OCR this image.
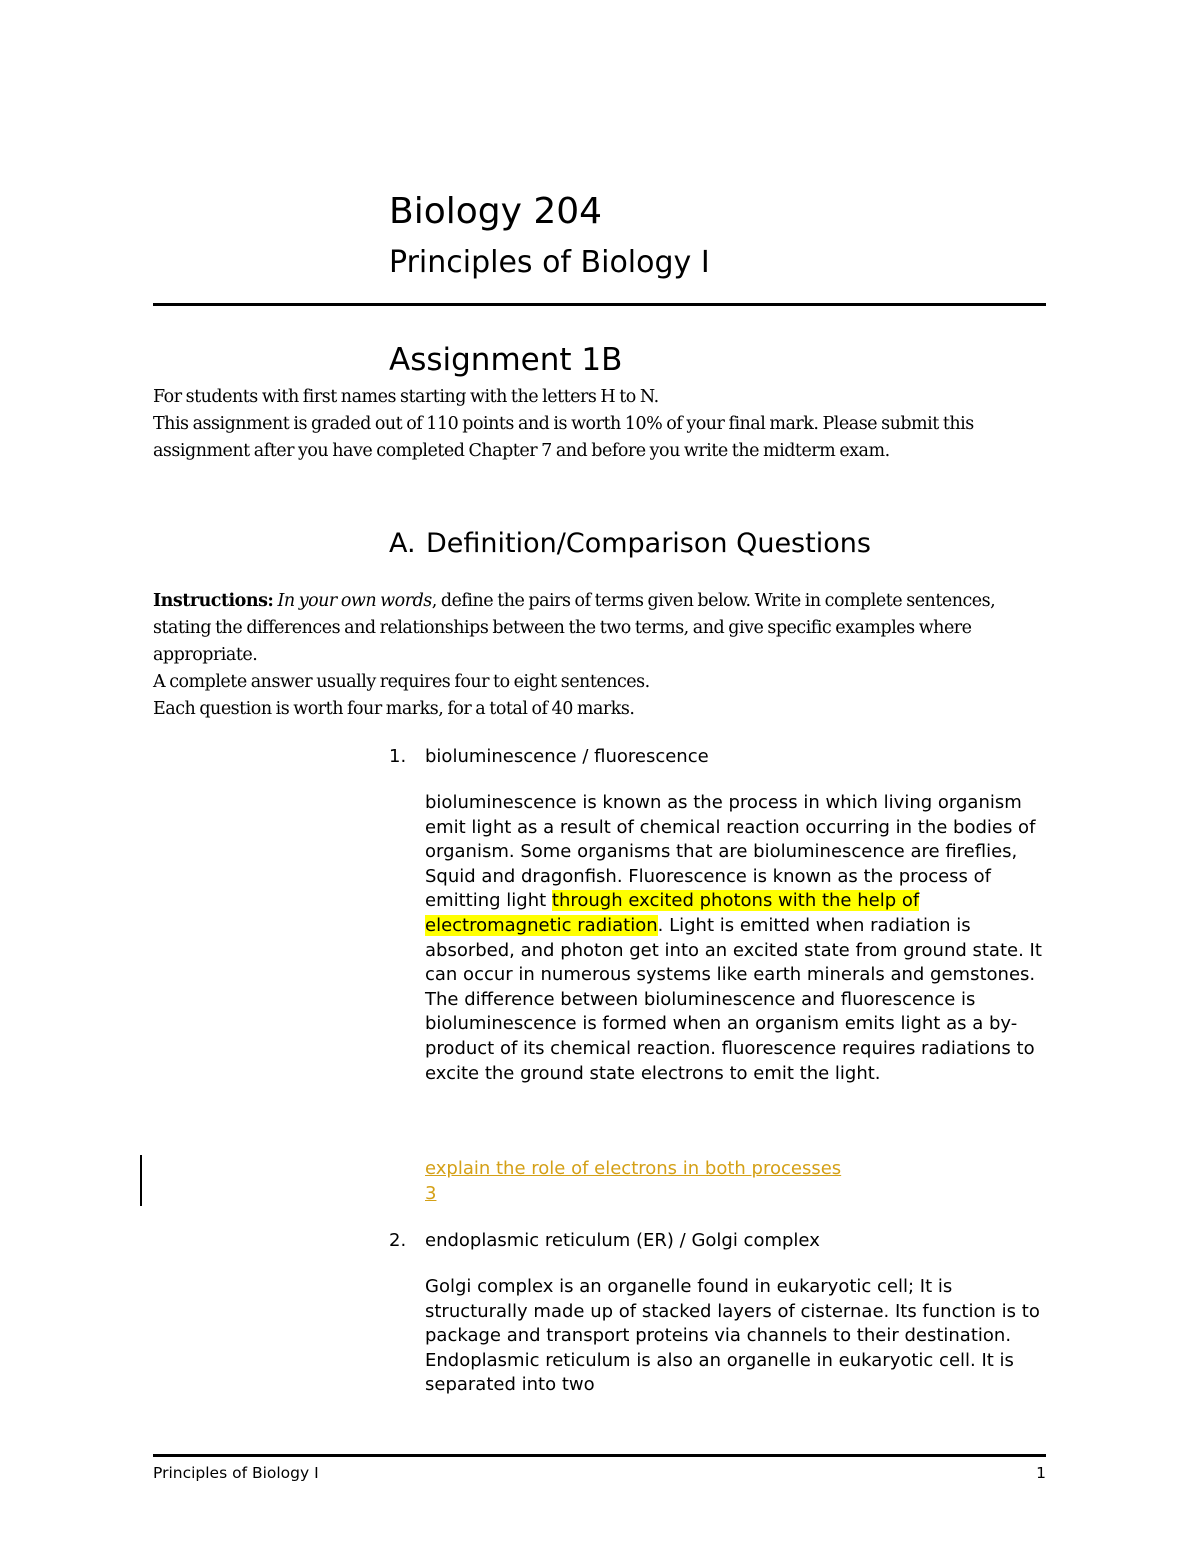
Biology 204
Principles of Biology I
Assignment 1B

For students with first names starting with the letters H to N.

This assignment is graded out of 110 points and is worth 10% of your final mark. Please submit this assignment after you have completed Chapter 7 and before you write the midterm exam.

A. Definition/Comparison Questions

Instructions: In your own words, define the pairs of terms given below. Write in complete sentences, stating the differences and relationships between the two terms, and give specific examples where appropriate.

A complete answer usually requires four to eight sentences.

Each question is worth four marks, for a total of 40 marks.

1. bioluminescence / fluorescence

bioluminescence is known as the process in which living organism emit light as a result of chemical reaction occurring in the bodies of organism. Some organisms that are bioluminescence are fireflies, Squid and dragonfish. Fluorescence is known as the process of emitting light through excited photons with the help of electromagnetic radiation. Light is emitted when radiation is absorbed, and photon get into an excited state from ground state. It can occur in numerous systems like earth minerals and gemstones. The difference between bioluminescence and fluorescence is bioluminescence is formed when an organism emits light as a by-product of its chemical reaction. fluorescence requires radiations to excite the ground state electrons to emit the light.

explain the role of electrons in both processes
3
2. endoplasmic reticulum (ER) / Golgi complex

Golgi complex is an organelle found in eukaryotic cell; It is structurally made up of stacked layers of cisternae. Its function is to package and transport proteins via channels to their destination. Endoplasmic reticulum is also an organelle in eukaryotic cell. It is separated into two

Principles of Biology I	1
